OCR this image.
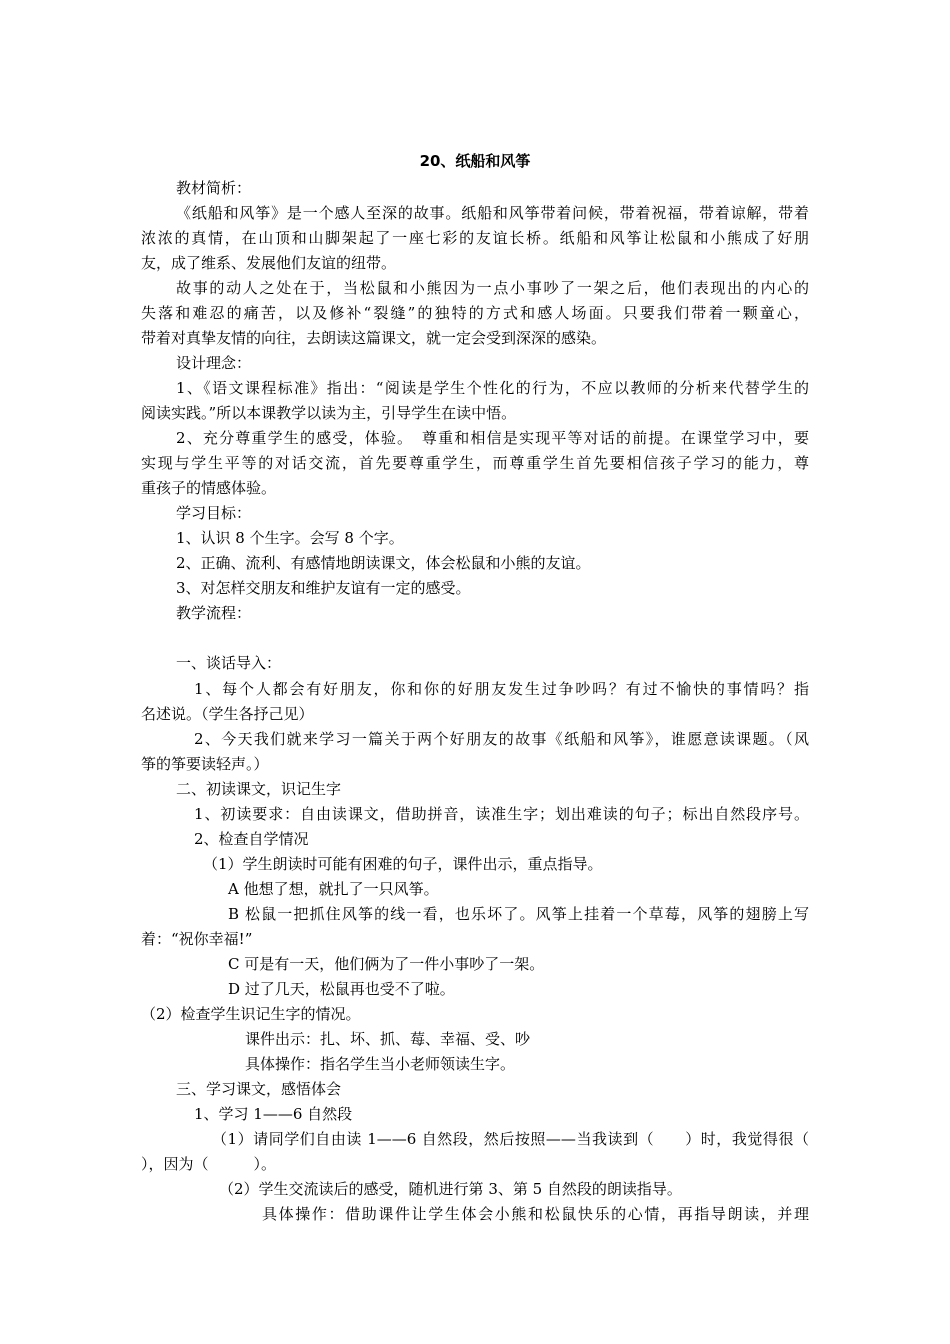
20、纸船和风筝
教材简析：
《纸船和风筝》是一个感人至深的故事。纸船和风筝带着问候，带着祝福，带着谅解，带着
浓浓的真情，在山顶和山脚架起了一座七彩的友谊长桥。纸船和风筝让松鼠和小熊成了好朋
友，成了维系、发展他们友谊的纽带。
故事的动人之处在于，当松鼠和小熊因为一点小事吵了一架之后，他们表现出的内心的
失落和难忍的痛苦，以及修补“裂缝”的独特的方式和感人场面。只要我们带着一颗童心，
带着对真挚友情的向往，去朗读这篇课文，就一定会受到深深的感染。
设计理念：
1、《语文课程标准》指出：“阅读是学生个性化的行为，不应以教师的分析来代替学生的
阅读实践。”所以本课教学以读为主，引导学生在读中悟。
2、充分尊重学生的感受，体验。　尊重和相信是实现平等对话的前提。在课堂学习中，要
实现与学生平等的对话交流，首先要尊重学生，而尊重学生首先要相信孩子学习的能力，尊
重孩子的情感体验。
学习目标：
1、认识 8 个生字。会写 8 个字。
2、正确、流利、有感情地朗读课文，体会松鼠和小熊的友谊。
3、对怎样交朋友和维护友谊有一定的感受。
教学流程：
一、谈话导入：
1、每个人都会有好朋友，你和你的好朋友发生过争吵吗？有过不愉快的事情吗？指
名述说。（学生各抒己见）
2、今天我们就来学习一篇关于两个好朋友的故事《纸船和风筝》，谁愿意读课题。（风
筝的筝要读轻声。）
二、初读课文，识记生字
1、初读要求：自由读课文，借助拼音，读准生字；划出难读的句子；标出自然段序号。
2、检查自学情况
（1）学生朗读时可能有困难的句子，课件出示，重点指导。
A 他想了想，就扎了一只风筝。
B 松鼠一把抓住风筝的线一看，也乐坏了。风筝上挂着一个草莓，风筝的翅膀上写
着：“祝你幸福!”
C 可是有一天，他们俩为了一件小事吵了一架。
D 过了几天，松鼠再也受不了啦。
（2）检查学生识记生字的情况。
课件出示：扎、坏、抓、莓、幸福、受、吵
具体操作：指名学生当小老师领读生字。
三、学习课文，感悟体会
1、学习 1——6 自然段
（1）请同学们自由读 1——6 自然段，然后按照——当我读到（　　）时，我觉得很（
），因为（　　　）。
（2）学生交流读后的感受，随机进行第 3、第 5 自然段的朗读指导。
具体操作：借助课件让学生体会小熊和松鼠快乐的心情，再指导朗读，并理
